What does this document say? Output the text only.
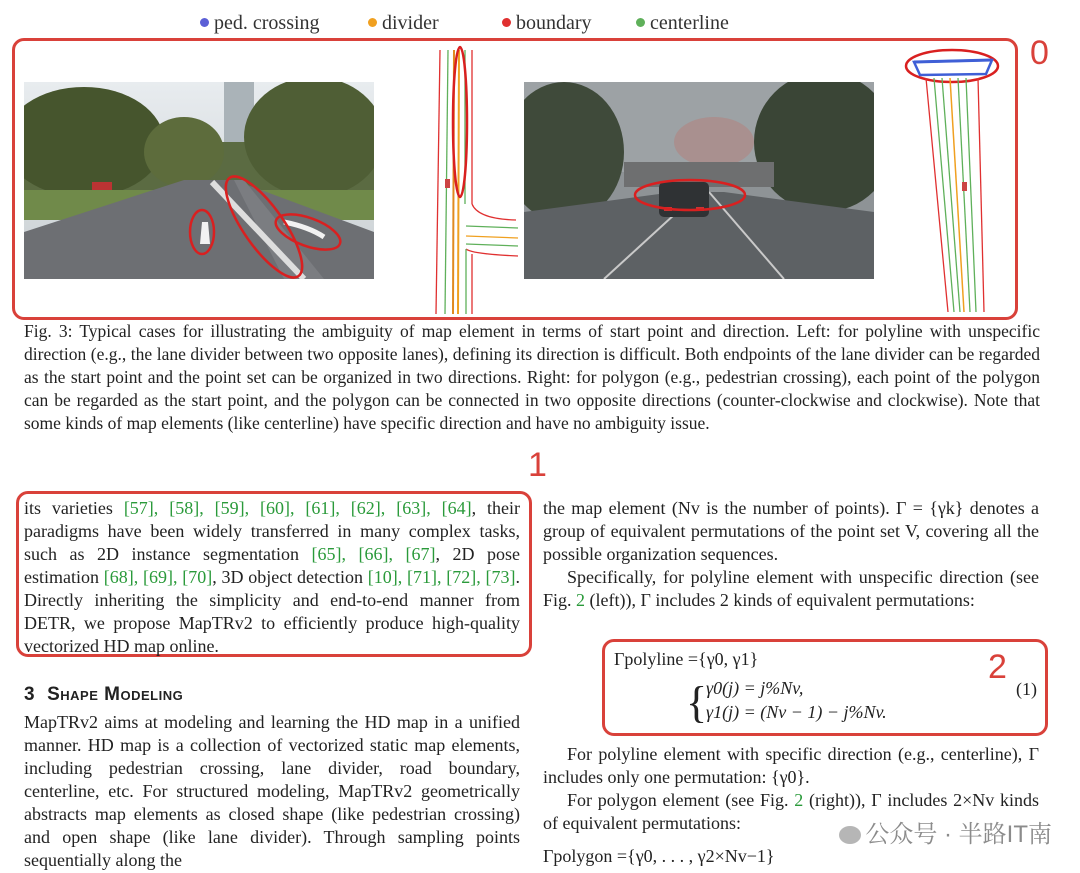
ped. crossing	divider	boundary	centerline
0

Fig. 3: Typical cases for illustrating the ambiguity of map element in terms of start point and direction. Left: for polyline with unspecific direction (e.g., the lane divider between two opposite lanes), defining its direction is difficult. Both endpoints of the lane divider can be regarded as the start point and the point set can be organized in two directions. Right: for polygon (e.g., pedestrian crossing), each point of the polygon can be regarded as the start point, and the polygon can be connected in two opposite directions (counter-clockwise and clockwise). Note that some kinds of map elements (like centerline) have specific direction and have no ambiguity issue.

1

its varieties [57], [58], [59], [60], [61], [62], [63], [64], their paradigms have been widely transferred in many complex tasks, such as 2D instance segmentation [65], [66], [67], 2D pose estimation [68], [69], [70], 3D object detection [10], [71], [72], [73]. Directly inheriting the simplicity and end-to-end manner from DETR, we propose MapTRv2 to efficiently produce high-quality vectorized HD map online.

3 Shape Modeling

MapTRv2 aims at modeling and learning the HD map in a unified manner. HD map is a collection of vectorized static map elements, including pedestrian crossing, lane divider, road boundary, centerline, etc. For structured modeling, MapTRv2 geometrically abstracts map elements as closed shape (like pedestrian crossing) and open shape (like lane divider). Through sampling points sequentially along the

the map element (Nv is the number of points). Γ = {γk} denotes a group of equivalent permutations of the point set V, covering all the possible organization sequences.

Specifically, for polyline element with unspecific direction (see Fig. 2 (left)), Γ includes 2 kinds of equivalent permutations:

2
Γpolyline ={γ0, γ1}
{
γ0(j) = j%Nv,
γ1(j) = (Nv − 1) − j%Nv.
(1)

For polyline element with specific direction (e.g., centerline), Γ includes only one permutation: {γ0}.

For polygon element (see Fig. 2 (right)), Γ includes 2×Nv kinds of equivalent permutations:

Γpolygon ={γ0, . . . , γ2×Nv−1}
公众号 · 半路IT南
